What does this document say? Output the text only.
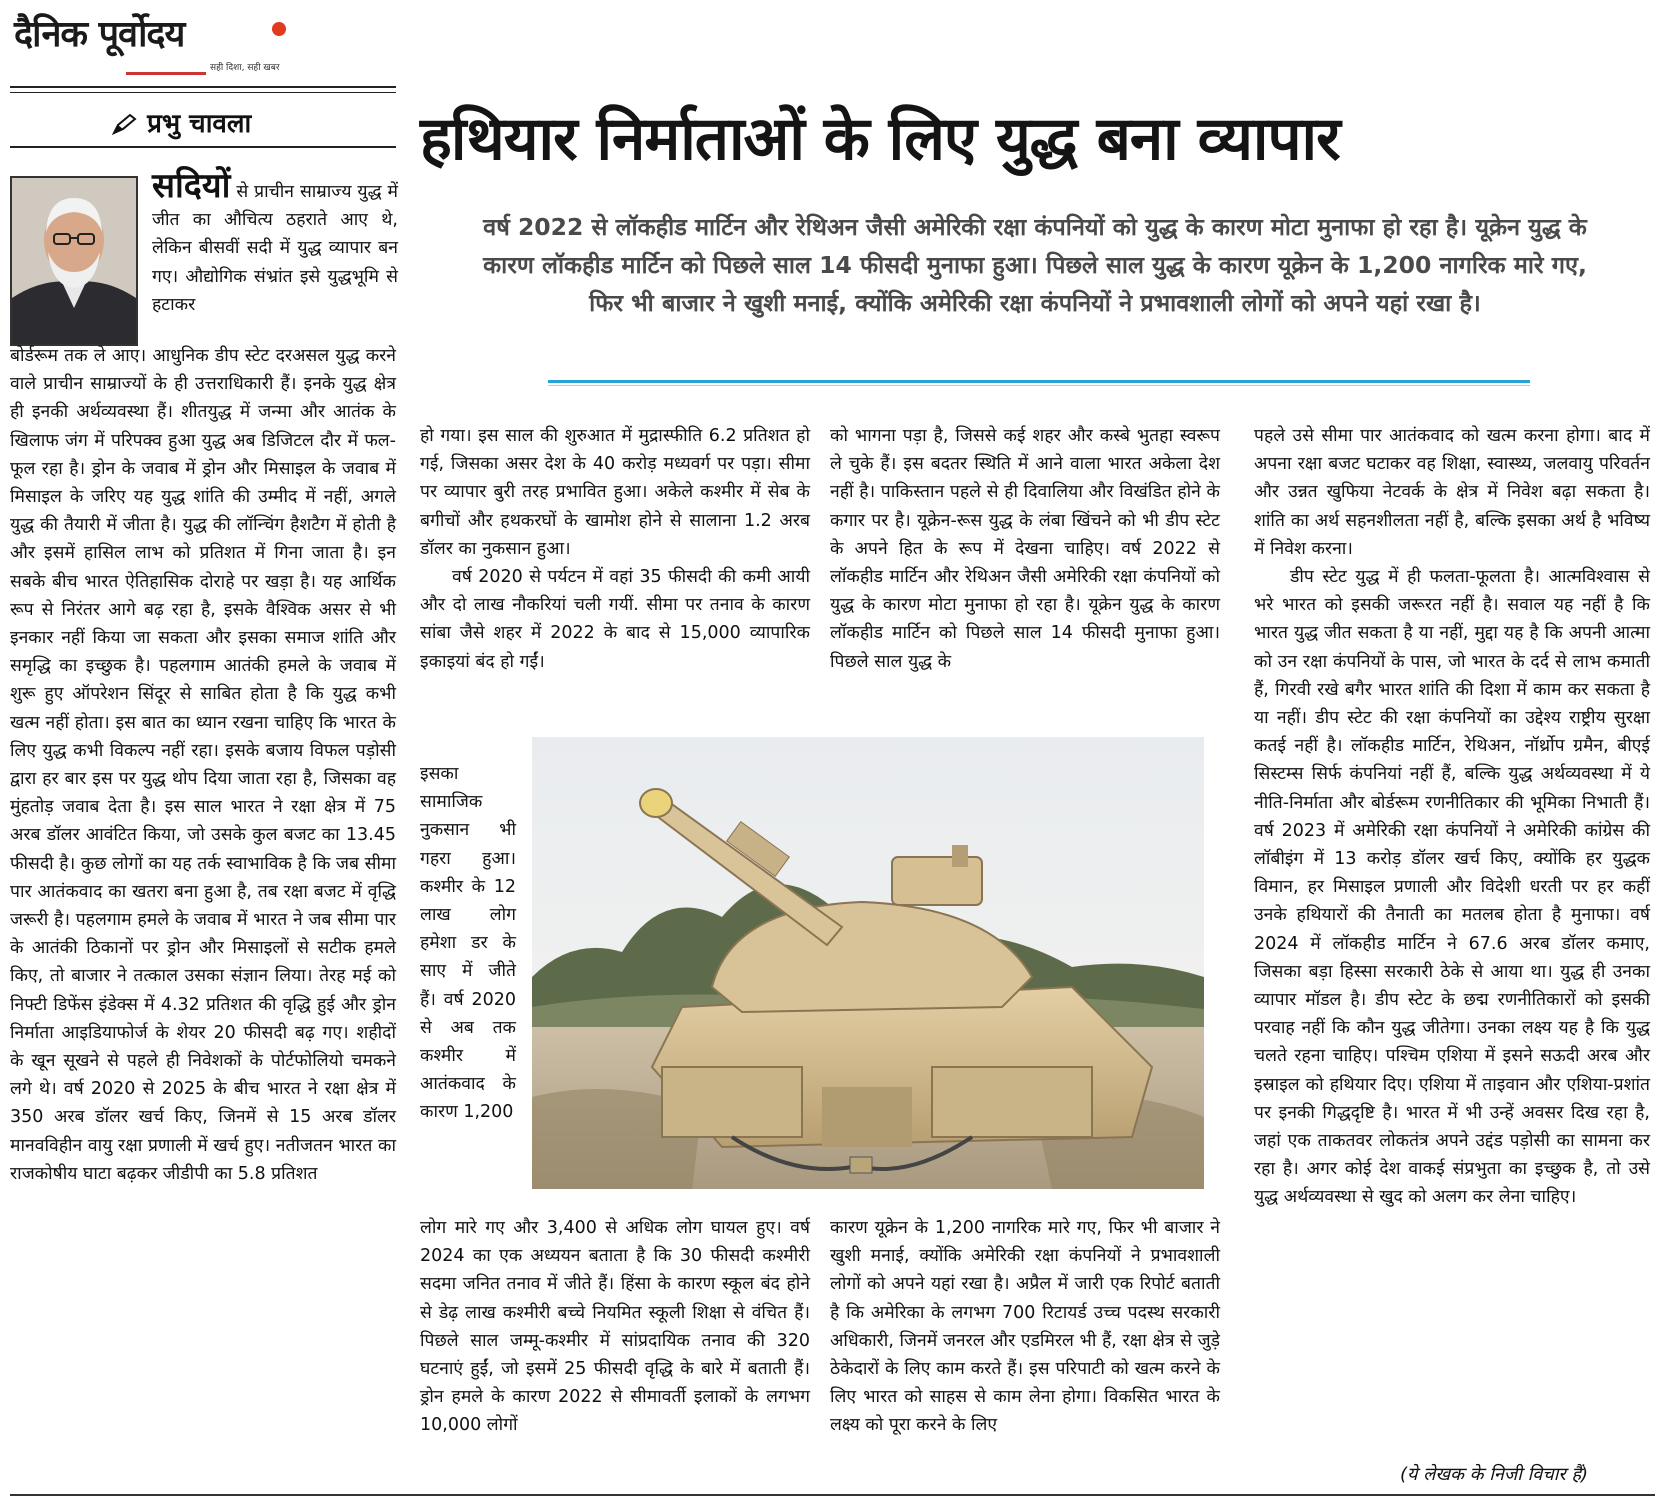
दैनिक पूर्वोदय
सही दिशा, सही खबर
प्रभु चावला	हथियार निर्माताओं के लिए युद्ध बना व्यापार
वर्ष 2022 से लॉकहीड मार्टिन और रेथिअन जैसी अमेरिकी रक्षा कंपनियों को युद्ध के कारण मोटा मुनाफा हो रहा है। यूक्रेन युद्ध के कारण लॉकहीड मार्टिन को पिछले साल 14 फीसदी मुनाफा हुआ। पिछले साल युद्ध के कारण यूक्रेन के 1,200 नागरिक मारे गए, फिर भी बाजार ने खुशी मनाई, क्योंकि अमेरिकी रक्षा कंपनियों ने प्रभावशाली लोगों को अपने यहां रखा है।

सदियों से प्राचीन साम्राज्य युद्ध में जीत का औचित्य ठहराते आए थे, लेकिन बीसवीं सदी में युद्ध व्यापार बन गए। औद्योगिक संभ्रांत इसे युद्धभूमि से हटाकर

बोर्डरूम तक ले आए। आधुनिक डीप स्टेट दरअसल युद्ध करने वाले प्राचीन साम्राज्यों के ही उत्तराधिकारी हैं। इनके युद्ध क्षेत्र ही इनकी अर्थव्यवस्था हैं। शीतयुद्ध में जन्मा और आतंक के खिलाफ जंग में परिपक्व हुआ युद्ध अब डिजिटल दौर में फल-फूल रहा है। ड्रोन के जवाब में ड्रोन और मिसाइल के जवाब में मिसाइल के जरिए यह युद्ध शांति की उम्मीद में नहीं, अगले युद्ध की तैयारी में जीता है। युद्ध की लॉन्चिंग हैशटैग में होती है और इसमें हासिल लाभ को प्रतिशत में गिना जाता है। इन सबके बीच भारत ऐतिहासिक दोराहे पर खड़ा है। यह आर्थिक रूप से निरंतर आगे बढ़ रहा है, इसके वैश्विक असर से भी इनकार नहीं किया जा सकता और इसका समाज शांति और समृद्धि का इच्छुक है। पहलगाम आतंकी हमले के जवाब में शुरू हुए ऑपरेशन सिंदूर से साबित होता है कि युद्ध कभी खत्म नहीं होता। इस बात का ध्यान रखना चाहिए कि भारत के लिए युद्ध कभी विकल्प नहीं रहा। इसके बजाय विफल पड़ोसी द्वारा हर बार इस पर युद्ध थोप दिया जाता रहा है, जिसका वह मुंहतोड़ जवाब देता है। इस साल भारत ने रक्षा क्षेत्र में 75 अरब डॉलर आवंटित किया, जो उसके कुल बजट का 13.45 फीसदी है। कुछ लोगों का यह तर्क स्वाभाविक है कि जब सीमा पार आतंकवाद का खतरा बना हुआ है, तब रक्षा बजट में वृद्धि जरूरी है। पहलगाम हमले के जवाब में भारत ने जब सीमा पार के आतंकी ठिकानों पर ड्रोन और मिसाइलों से सटीक हमले किए, तो बाजार ने तत्काल उसका संज्ञान लिया। तेरह मई को निफ्टी डिफेंस इंडेक्स में 4.32 प्रतिशत की वृद्धि हुई और ड्रोन निर्माता आइडियाफोर्ज के शेयर 20 फीसदी बढ़ गए। शहीदों के खून सूखने से पहले ही निवेशकों के पोर्टफोलियो चमकने लगे थे। वर्ष 2020 से 2025 के बीच भारत ने रक्षा क्षेत्र में 350 अरब डॉलर खर्च किए, जिनमें से 15 अरब डॉलर मानवविहीन वायु रक्षा प्रणाली में खर्च हुए। नतीजतन भारत का राजकोषीय घाटा बढ़कर जीडीपी का 5.8 प्रतिशत

हो गया। इस साल की शुरुआत में मुद्रास्फीति 6.2 प्रतिशत हो गई, जिसका असर देश के 40 करोड़ मध्यवर्ग पर पड़ा। सीमा पर व्यापार बुरी तरह प्रभावित हुआ। अकेले कश्मीर में सेब के बगीचों और हथकरघों के खामोश होने से सालाना 1.2 अरब डॉलर का नुकसान हुआ।

वर्ष 2020 से पर्यटन में वहां 35 फीसदी की कमी आयी और दो लाख नौकरियां चली गयीं. सीमा पर तनाव के कारण सांबा जैसे शहर में 2022 के बाद से 15,000 व्यापारिक इकाइयां बंद हो गईं।

इसका सामाजिक नुकसान भी गहरा हुआ। कश्मीर के 12 लाख लोग हमेशा डर के साए में जीते हैं। वर्ष 2020 से अब तक कश्मीर में आतंकवाद के कारण 1,200

लोग मारे गए और 3,400 से अधिक लोग घायल हुए। वर्ष 2024 का एक अध्ययन बताता है कि 30 फीसदी कश्मीरी सदमा जनित तनाव में जीते हैं। हिंसा के कारण स्कूल बंद होने से डेढ़ लाख कश्मीरी बच्चे नियमित स्कूली शिक्षा से वंचित हैं। पिछले साल जम्मू-कश्मीर में सांप्रदायिक तनाव की 320 घटनाएं हुईं, जो इसमें 25 फीसदी वृद्धि के बारे में बताती हैं। ड्रोन हमले के कारण 2022 से सीमावर्ती इलाकों के लगभग 10,000 लोगों

को भागना पड़ा है, जिससे कई शहर और कस्बे भुतहा स्वरूप ले चुके हैं। इस बदतर स्थिति में आने वाला भारत अकेला देश नहीं है। पाकिस्तान पहले से ही दिवालिया और विखंडित होने के कगार पर है। यूक्रेन-रूस युद्ध के लंबा खिंचने को भी डीप स्टेट के अपने हित के रूप में देखना चाहिए। वर्ष 2022 से लॉकहीड मार्टिन और रेथिअन जैसी अमेरिकी रक्षा कंपनियों को युद्ध के कारण मोटा मुनाफा हो रहा है। यूक्रेन युद्ध के कारण लॉकहीड मार्टिन को पिछले साल 14 फीसदी मुनाफा हुआ। पिछले साल युद्ध के

कारण यूक्रेन के 1,200 नागरिक मारे गए, फिर भी बाजार ने खुशी मनाई, क्योंकि अमेरिकी रक्षा कंपनियों ने प्रभावशाली लोगों को अपने यहां रखा है। अप्रैल में जारी एक रिपोर्ट बताती है कि अमेरिका के लगभग 700 रिटायर्ड उच्च पदस्थ सरकारी अधिकारी, जिनमें जनरल और एडमिरल भी हैं, रक्षा क्षेत्र से जुड़े ठेकेदारों के लिए काम करते हैं। इस परिपाटी को खत्म करने के लिए भारत को साहस से काम लेना होगा। विकसित भारत के लक्ष्य को पूरा करने के लिए

पहले उसे सीमा पार आतंकवाद को खत्म करना होगा। बाद में अपना रक्षा बजट घटाकर वह शिक्षा, स्वास्थ्य, जलवायु परिवर्तन और उन्नत खुफिया नेटवर्क के क्षेत्र में निवेश बढ़ा सकता है। शांति का अर्थ सहनशीलता नहीं है, बल्कि इसका अर्थ है भविष्य में निवेश करना।

डीप स्टेट युद्ध में ही फलता-फूलता है। आत्मविश्वास से भरे भारत को इसकी जरूरत नहीं है। सवाल यह नहीं है कि भारत युद्ध जीत सकता है या नहीं, मुद्दा यह है कि अपनी आत्मा को उन रक्षा कंपनियों के पास, जो भारत के दर्द से लाभ कमाती हैं, गिरवी रखे बगैर भारत शांति की दिशा में काम कर सकता है या नहीं। डीप स्टेट की रक्षा कंपनियों का उद्देश्य राष्ट्रीय सुरक्षा कतई नहीं है। लॉकहीड मार्टिन, रेथिअन, नॉर्थ्रोप ग्रमैन, बीएई सिस्टम्स सिर्फ कंपनियां नहीं हैं, बल्कि युद्ध अर्थव्यवस्था में ये नीति-निर्माता और बोर्डरूम रणनीतिकार की भूमिका निभाती हैं। वर्ष 2023 में अमेरिकी रक्षा कंपनियों ने अमेरिकी कांग्रेस की लॉबीइंग में 13 करोड़ डॉलर खर्च किए, क्योंकि हर युद्धक विमान, हर मिसाइल प्रणाली और विदेशी धरती पर हर कहीं उनके हथियारों की तैनाती का मतलब होता है मुनाफा। वर्ष 2024 में लॉकहीड मार्टिन ने 67.6 अरब डॉलर कमाए, जिसका बड़ा हिस्सा सरकारी ठेके से आया था। युद्ध ही उनका व्यापार मॉडल है। डीप स्टेट के छद्म रणनीतिकारों को इसकी परवाह नहीं कि कौन युद्ध जीतेगा। उनका लक्ष्य यह है कि युद्ध चलते रहना चाहिए। पश्चिम एशिया में इसने सऊदी अरब और इस्राइल को हथियार दिए। एशिया में ताइवान और एशिया-प्रशांत पर इनकी गिद्धदृष्टि है। भारत में भी उन्हें अवसर दिख रहा है, जहां एक ताकतवर लोकतंत्र अपने उद्दंड पड़ोसी का सामना कर रहा है। अगर कोई देश वाकई संप्रभुता का इच्छुक है, तो उसे युद्ध अर्थव्यवस्था से खुद को अलग कर लेना चाहिए।

(ये लेखक के निजी विचार हैं)
